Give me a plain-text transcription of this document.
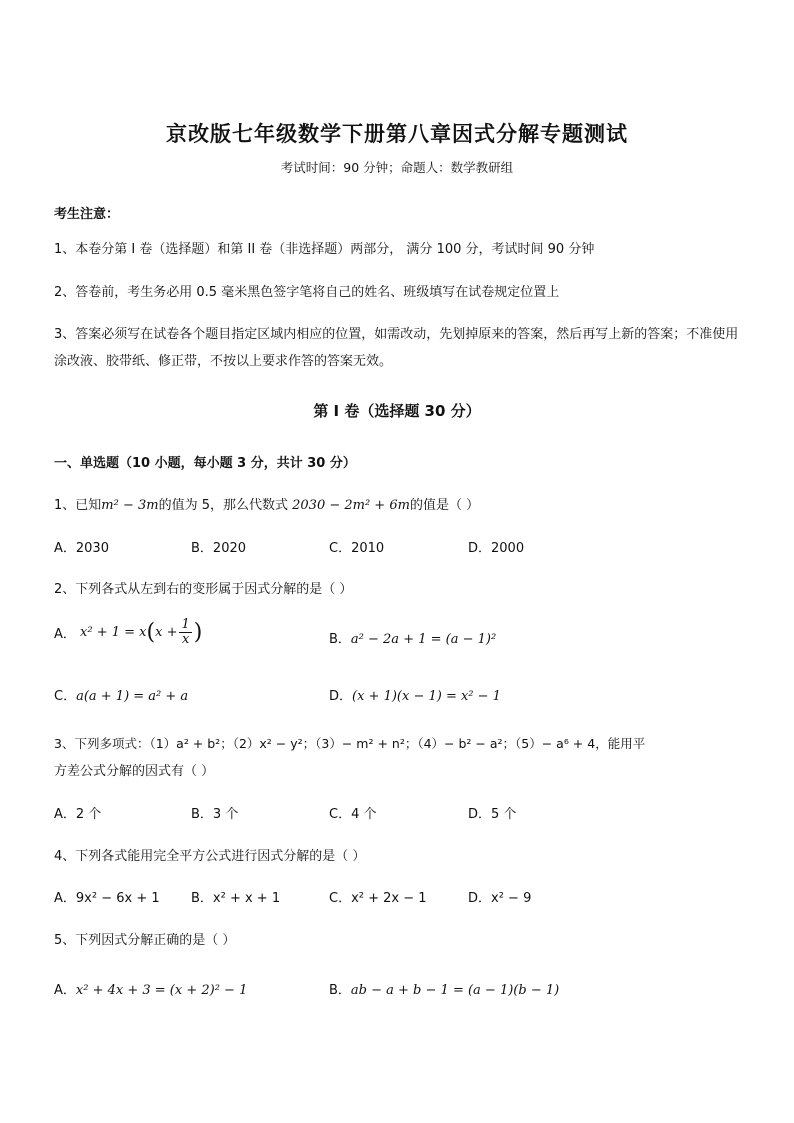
京改版七年级数学下册第八章因式分解专题测试
考试时间：90 分钟；命题人：数学教研组
考生注意：
1、本卷分第 I 卷（选择题）和第 II 卷（非选择题）两部分， 满分 100 分，考试时间 90 分钟
2、答卷前，考生务必用 0.5 毫米黑色签字笔将自己的姓名、班级填写在试卷规定位置上
3、答案必须写在试卷各个题目指定区域内相应的位置，如需改动，先划掉原来的答案，然后再写上新的答案；不准使用涂改液、胶带纸、修正带，不按以上要求作答的答案无效。
第 I 卷（选择题 30 分）
一、单选题（10 小题，每小题 3 分，共计 30 分）
1、已知m² − 3m的值为 5，那么代数式 2030 − 2m² + 6m的值是（ ）
A．2030	B．2020	C．2010	D．2000
2、下列各式从左到右的变形属于因式分解的是（ ）
A． $x^2 + 1 = x(x + \frac{1}{x}$ )	B．a² − 2a + 1 = (a − 1)²
C．a(a + 1) = a² + a	D．(x + 1)(x − 1) = x² − 1
3、下列多项式：（1）a² + b²；（2）x² − y²；（3）− m² + n²；（4）− b² − a²；（5）− a⁶ + 4，能用平
方差公式分解的因式有（ ）
A．2 个	B．3 个	C．4 个	D．5 个
4、下列各式能用完全平方公式进行因式分解的是（ ）
A．9x² − 6x + 1 B．x² + x + 1	C．x² + 2x − 1	D．x² − 9
5、下列因式分解正确的是（ ）
A．x² + 4x + 3 = (x + 2)² − 1	B．ab − a + b − 1 = (a − 1)(b − 1)
